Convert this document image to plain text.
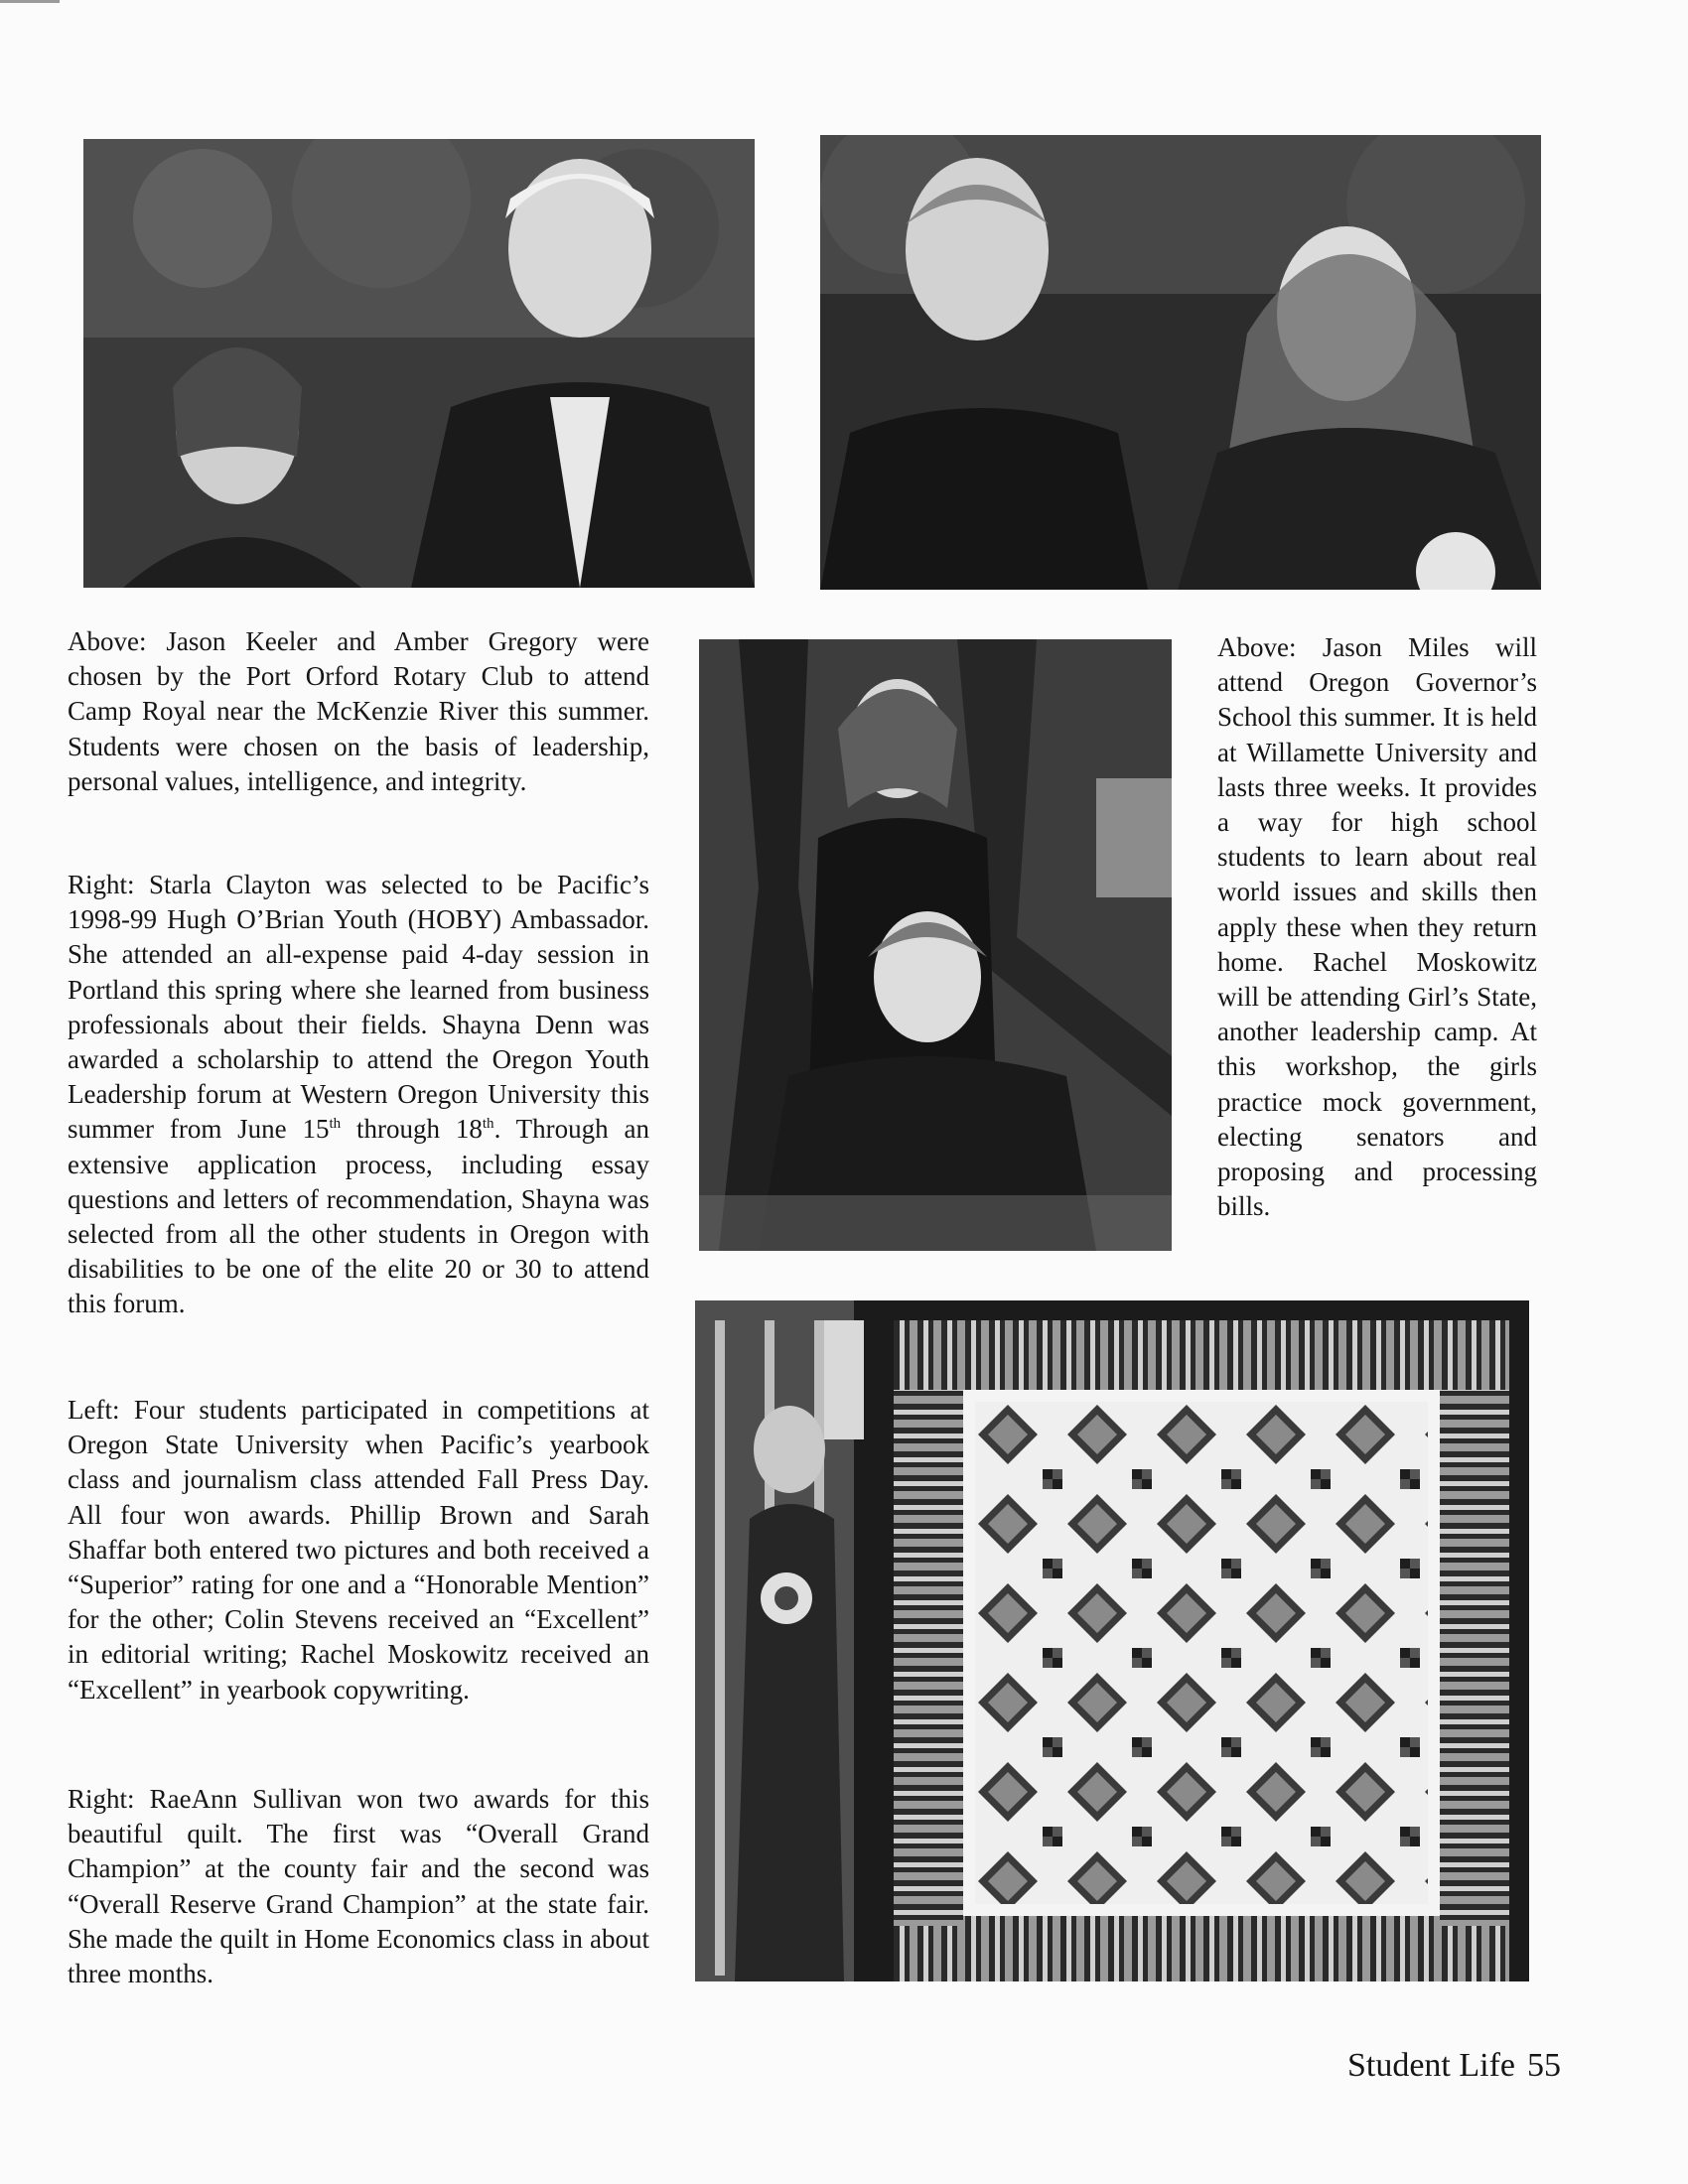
Above: Jason Keeler and Amber Gregory were chosen by the Port Orford Rotary Club to attend Camp Royal near the McKenzie River this summer. Students were chosen on the basis of leadership, personal values, intelligence, and integrity.

Above: Jason Miles will attend Oregon Governor’s School this summer. It is held at Willamette University and lasts three weeks. It provides a way for high school students to learn about real world issues and skills then apply these when they return home. Rachel Moskowitz will be attending Girl’s State, another leadership camp. At this workshop, the girls practice mock government, electing senators and proposing and processing bills.

Right: Starla Clayton was selected to be Pacific’s 1998-99 Hugh O’Brian Youth (HOBY) Ambassador. She attended an all-expense paid 4-day session in Portland this spring where she learned from business professionals about their fields. Shayna Denn was awarded a scholarship to attend the Oregon Youth Leadership forum at Western Oregon University this summer from June 15th through 18th. Through an extensive application process, including essay questions and letters of recommendation, Shayna was selected from all the other students in Oregon with disabilities to be one of the elite 20 or 30 to attend this forum.

Left: Four students participated in competitions at Oregon State University when Pacific’s yearbook class and journalism class attended Fall Press Day. All four won awards. Phillip Brown and Sarah Shaffar both entered two pictures and both received a “Superior” rating for one and a “Honorable Mention” for the other; Colin Stevens received an “Excellent” in editorial writing; Rachel Moskowitz received an “Excellent” in yearbook copywriting.

Right: RaeAnn Sullivan won two awards for this beautiful quilt. The first was “Overall Grand Champion” at the county fair and the second was “Overall Reserve Grand Champion” at the state fair. She made the quilt in Home Economics class in about three months.

Student Life 55
